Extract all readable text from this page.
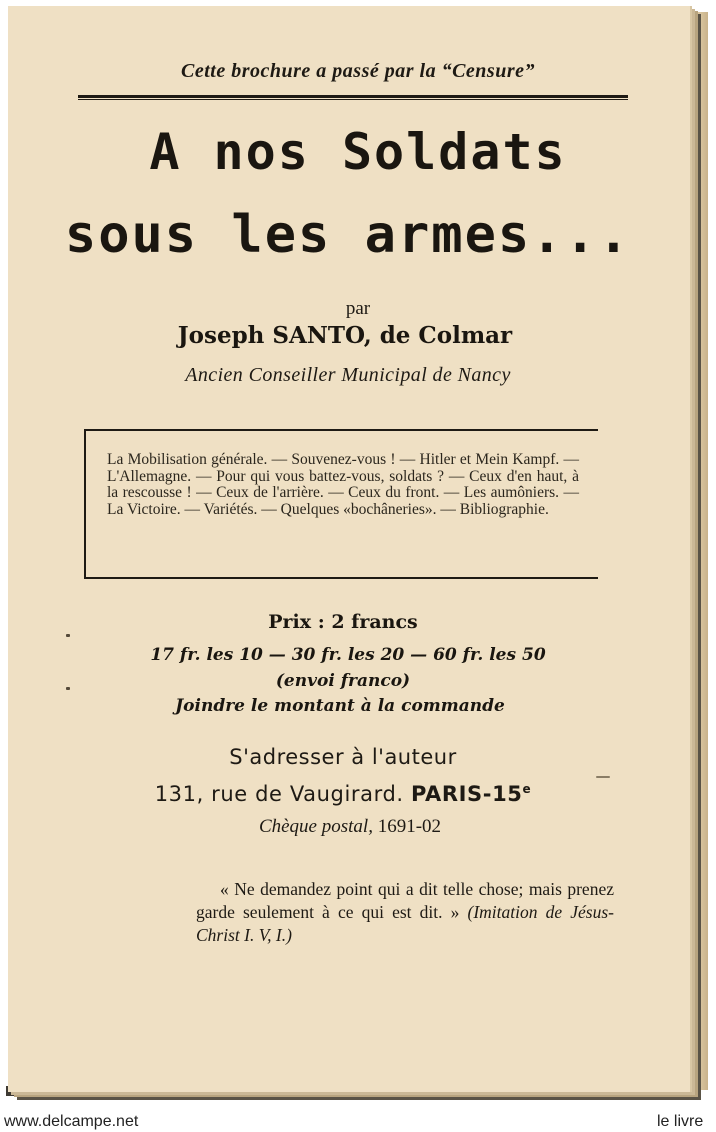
Cette brochure a passé par la “Censure”
A nos Soldats
sous les armes...
par
Joseph SANTO, de Colmar
Ancien Conseiller Municipal de Nancy
La Mobilisation générale. — Souvenez-vous ! — Hitler et Mein Kampf. — L'Allemagne. — Pour qui vous battez-vous, soldats ? — Ceux d'en haut, à la rescousse ! — Ceux de l'arrière. — Ceux du front. — Les aumôniers. — La Victoire. — Variétés. — Quelques «bochâneries». — Bibliographie.
Prix : 2 francs
17 fr. les 10 — 30 fr. les 20 — 60 fr. les 50
(envoi franco)
Joindre le montant à la commande
S'adresser à l'auteur
131, rue de Vaugirard. PARIS-15e
Chèque postal, 1691-02
« Ne demandez point qui a dit telle chose; mais prenez garde seulement à ce qui est dit. » (Imitation de Jésus-Christ I. V, I.)
www.delcampe.net	le livre
